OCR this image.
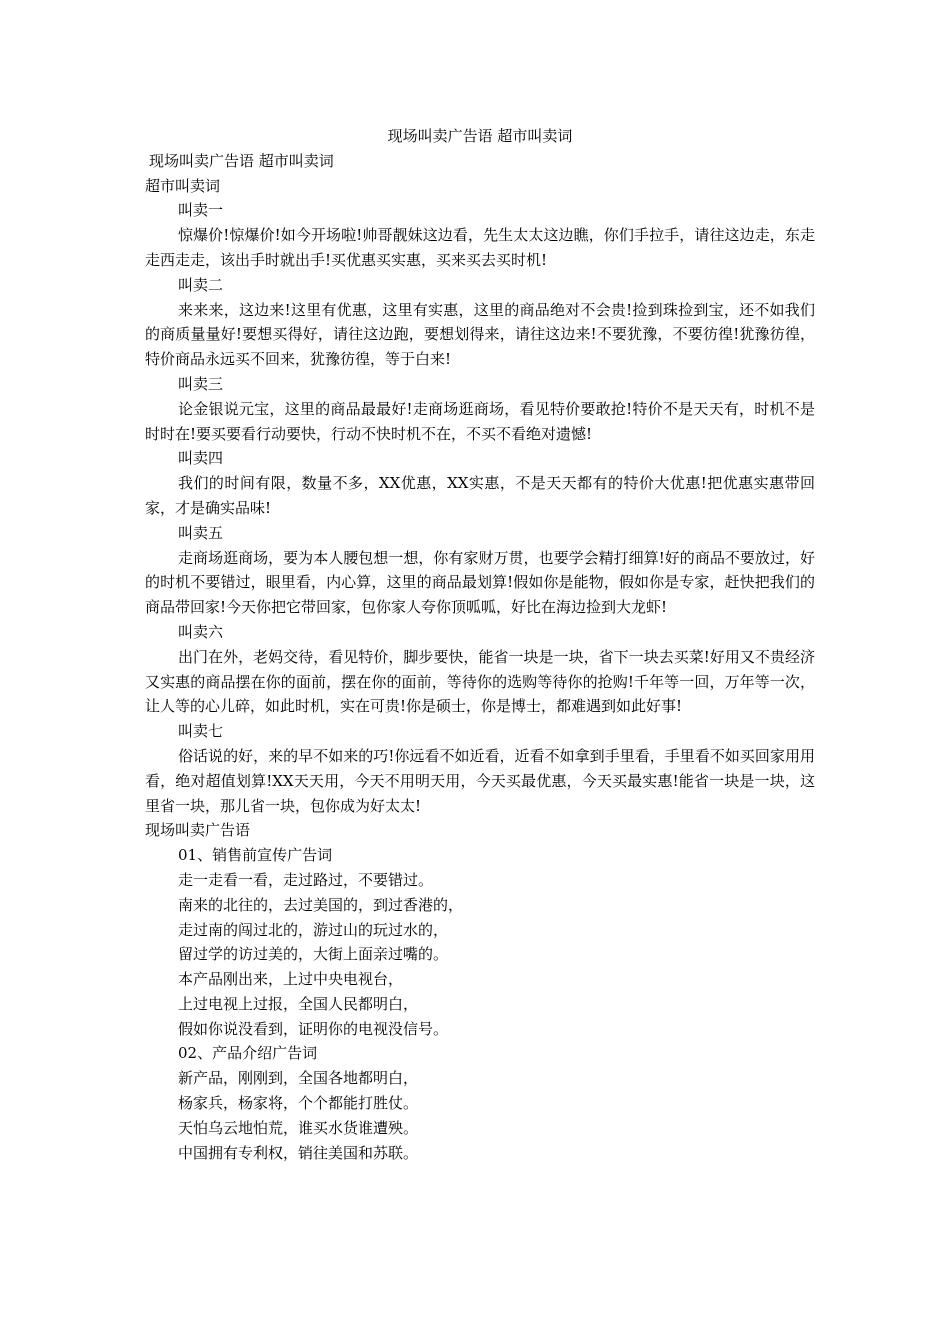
现场叫卖广告语 超市叫卖词

现场叫卖广告语 超市叫卖词

超市叫卖词

叫卖一

惊爆价!惊爆价!如今开场啦!帅哥靓妹这边看，先生太太这边瞧，你们手拉手，请往这边走，东走走西走走，该出手时就出手!买优惠买实惠，买来买去买时机!

叫卖二

来来来，这边来!这里有优惠，这里有实惠，这里的商品绝对不会贵!捡到珠捡到宝，还不如我们的商质量量好!要想买得好，请往这边跑，要想划得来，请往这边来!不要犹豫，不要彷徨!犹豫彷徨，特价商品永远买不回来，犹豫彷徨，等于白来!

叫卖三

论金银说元宝，这里的商品最最好!走商场逛商场，看见特价要敢抢!特价不是天天有，时机不是时时在!要买要看行动要快，行动不快时机不在，不买不看绝对遗憾!

叫卖四

我们的时间有限，数量不多，XX优惠，XX实惠，不是天天都有的特价大优惠!把优惠实惠带回家，才是确实品味!

叫卖五

走商场逛商场，要为本人腰包想一想，你有家财万贯，也要学会精打细算!好的商品不要放过，好的时机不要错过，眼里看，内心算，这里的商品最划算!假如你是能物，假如你是专家，赶快把我们的商品带回家!今天你把它带回家，包你家人夸你顶呱呱，好比在海边捡到大龙虾!

叫卖六

出门在外，老妈交待，看见特价，脚步要快，能省一块是一块，省下一块去买菜!好用又不贵经济又实惠的商品摆在你的面前，摆在你的面前，等待你的选购等待你的抢购!千年等一回，万年等一次，让人等的心儿碎，如此时机，实在可贵!你是硕士，你是博士，都难遇到如此好事!

叫卖七

俗话说的好，来的早不如来的巧!你远看不如近看，近看不如拿到手里看，手里看不如买回家用用看，绝对超值划算!XX天天用，今天不用明天用，今天买最优惠，今天买最实惠!能省一块是一块，这里省一块，那儿省一块，包你成为好太太!

现场叫卖广告语

01、销售前宣传广告词

走一走看一看，走过路过，不要错过。

南来的北往的，去过美国的，到过香港的，

走过南的闯过北的，游过山的玩过水的，

留过学的访过美的，大街上面亲过嘴的。

本产品刚出来，上过中央电视台，

上过电视上过报，全国人民都明白，

假如你说没看到，证明你的电视没信号。

02、产品介绍广告词

新产品，刚刚到，全国各地都明白，

杨家兵，杨家将，个个都能打胜仗。

天怕乌云地怕荒，谁买水货谁遭殃。

中国拥有专利权，销往美国和苏联。
